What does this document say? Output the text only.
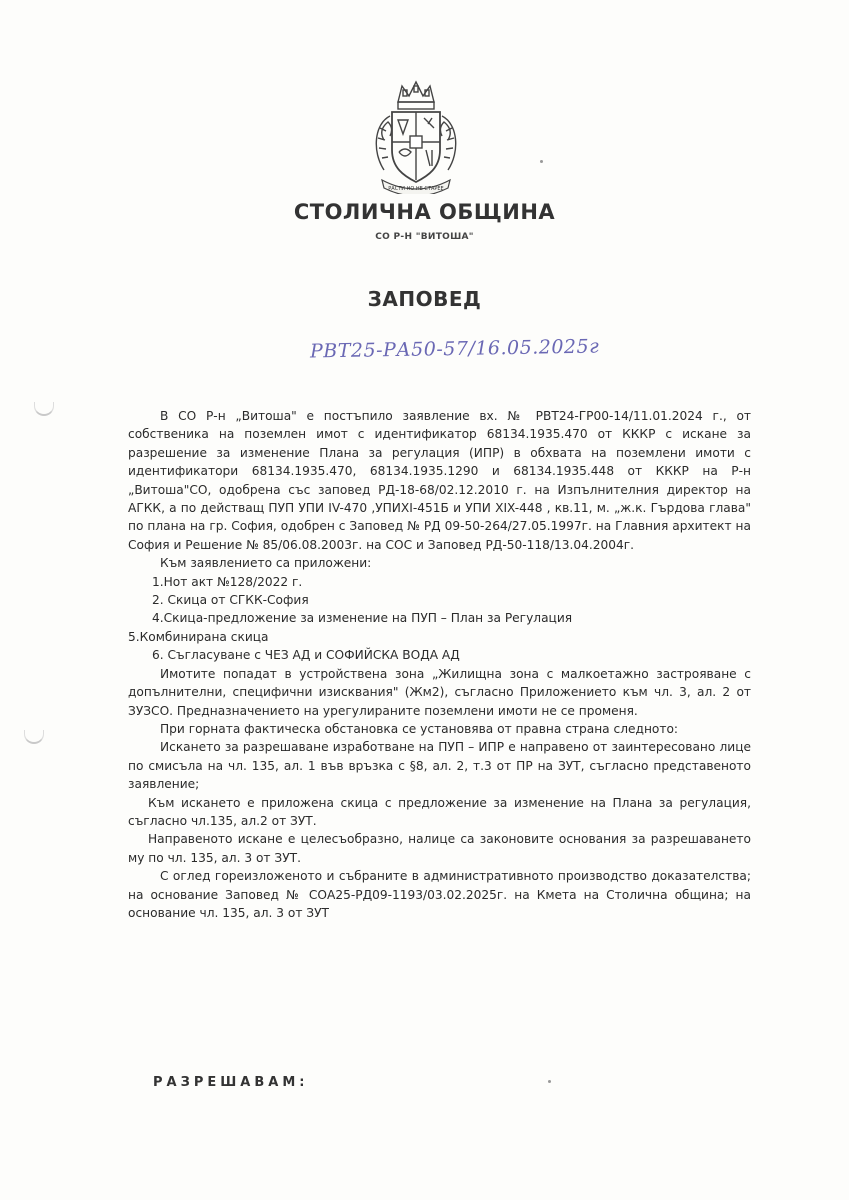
РАСТИ НО НЕ СТАРЕЕ
СТОЛИЧНА ОБЩИНА
СО Р-Н "ВИТОША"
ЗАПОВЕД
РВТ25-РА50-57/16.05.2025г

В СО Р-н „Витоша" е постъпило заявление вх. № РВТ24-ГР00-14/11.01.2024 г., от собственика на поземлен имот с идентификатор 68134.1935.470 от КККР с искане за разрешение за изменение Плана за регулация (ИПР) в обхвата на поземлени имоти с идентификатори 68134.1935.470, 68134.1935.1290 и 68134.1935.448 от КККР на Р-н „Витоша"СО, одобрена със заповед РД-18-68/02.12.2010 г. на Изпълнителния директор на АГКК, а по действащ ПУП УПИ IV-470 ,УПИXI-451Б и УПИ XIX-448 , кв.11, м. „ж.к. Гърдова глава" по плана на гр. София, одобрен с Заповед № РД 09-50-264/27.05.1997г. на Главния архитект на София и Решение № 85/06.08.2003г. на СОС и Заповед РД-50-118/13.04.2004г.

Към заявлението са приложени:

1.Нот акт №128/2022 г.

2. Скица от СГКК-София

4.Скица-предложение за изменение на ПУП – План за Регулация

5.Комбинирана скица

6. Съгласуване с ЧЕЗ АД и СОФИЙСКА ВОДА АД

Имотите попадат в устройствена зона „Жилищна зона с малкоетажно застрояване с допълнителни, специфични изисквания" (Жм2), съгласно Приложението към чл. 3, ал. 2 от ЗУЗСО. Предназначението на урегулираните поземлени имоти не се променя.

При горната фактическа обстановка се установява от правна страна следното:

Искането за разрешаване изработване на ПУП – ИПР е направено от заинтересовано лице по смисъла на чл. 135, ал. 1 във връзка с §8, ал. 2, т.3 от ПР на ЗУТ, съгласно представеното заявление;

Към искането е приложена скица с предложение за изменение на Плана за регулация, съгласно чл.135, ал.2 от ЗУТ.

Направеното искане е целесъобразно, налице са законовите основания за разрешаването му по чл. 135, ал. 3 от ЗУТ.

С оглед гореизложеното и събраните в административното производство доказателства; на основание Заповед № СОА25-РД09-1193/03.02.2025г. на Кмета на Столична община; на основание чл. 135, ал. 3 от ЗУТ

РАЗРЕШАВАМ:
